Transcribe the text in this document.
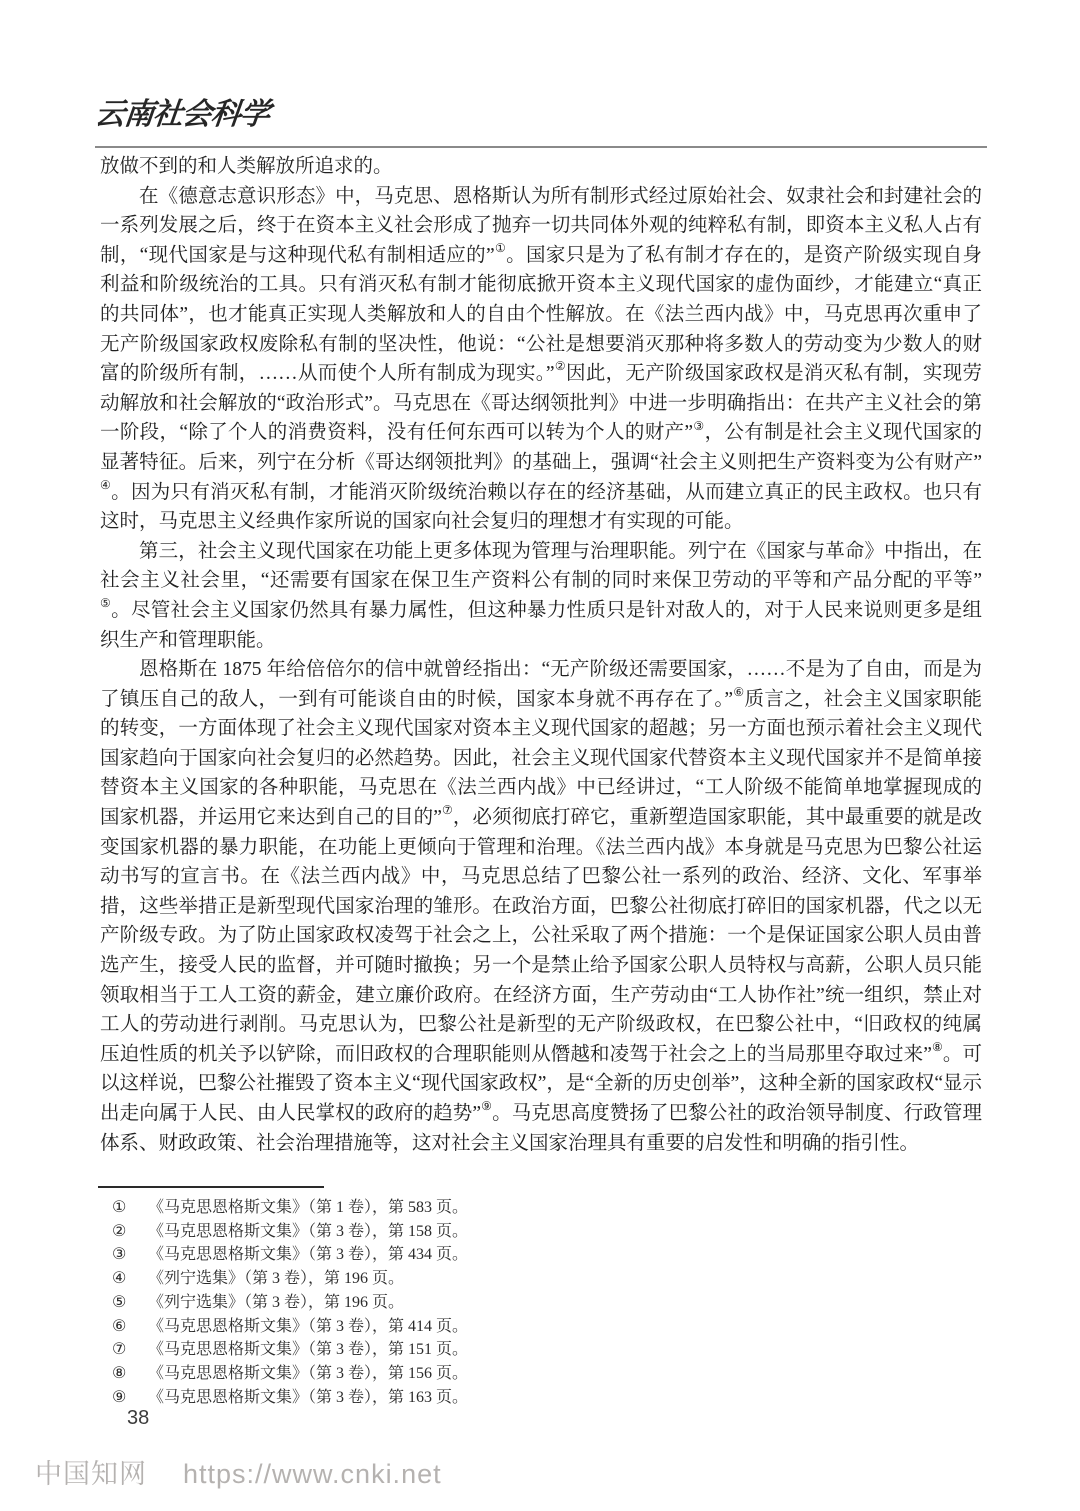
云南社会科学

放做不到的和人类解放所追求的。

在《德意志意识形态》中，马克思、恩格斯认为所有制形式经过原始社会、奴隶社会和封建社会的一系列发展之后，终于在资本主义社会形成了抛弃一切共同体外观的纯粹私有制，即资本主义私人占有制，“现代国家是与这种现代私有制相适应的”①。国家只是为了私有制才存在的，是资产阶级实现自身利益和阶级统治的工具。只有消灭私有制才能彻底掀开资本主义现代国家的虚伪面纱，才能建立“真正的共同体”，也才能真正实现人类解放和人的自由个性解放。在《法兰西内战》中，马克思再次重申了无产阶级国家政权废除私有制的坚决性，他说：“公社是想要消灭那种将多数人的劳动变为少数人的财富的阶级所有制，……从而使个人所有制成为现实。”②因此，无产阶级国家政权是消灭私有制，实现劳动解放和社会解放的“政治形式”。马克思在《哥达纲领批判》中进一步明确指出：在共产主义社会的第一阶段，“除了个人的消费资料，没有任何东西可以转为个人的财产”③，公有制是社会主义现代国家的显著特征。后来，列宁在分析《哥达纲领批判》的基础上，强调“社会主义则把生产资料变为公有财产”④。因为只有消灭私有制，才能消灭阶级统治赖以存在的经济基础，从而建立真正的民主政权。也只有这时，马克思主义经典作家所说的国家向社会复归的理想才有实现的可能。

第三，社会主义现代国家在功能上更多体现为管理与治理职能。列宁在《国家与革命》中指出，在社会主义社会里，“还需要有国家在保卫生产资料公有制的同时来保卫劳动的平等和产品分配的平等”⑤。尽管社会主义国家仍然具有暴力属性，但这种暴力性质只是针对敌人的，对于人民来说则更多是组织生产和管理职能。

恩格斯在 1875 年给倍倍尔的信中就曾经指出：“无产阶级还需要国家，……不是为了自由，而是为了镇压自己的敌人，一到有可能谈自由的时候，国家本身就不再存在了。”⑥质言之，社会主义国家职能的转变，一方面体现了社会主义现代国家对资本主义现代国家的超越；另一方面也预示着社会主义现代国家趋向于国家向社会复归的必然趋势。因此，社会主义现代国家代替资本主义现代国家并不是简单接替资本主义国家的各种职能，马克思在《法兰西内战》中已经讲过，“工人阶级不能简单地掌握现成的国家机器，并运用它来达到自己的目的”⑦，必须彻底打碎它，重新塑造国家职能，其中最重要的就是改变国家机器的暴力职能，在功能上更倾向于管理和治理。《法兰西内战》本身就是马克思为巴黎公社运动书写的宣言书。在《法兰西内战》中，马克思总结了巴黎公社一系列的政治、经济、文化、军事举措，这些举措正是新型现代国家治理的雏形。在政治方面，巴黎公社彻底打碎旧的国家机器，代之以无产阶级专政。为了防止国家政权凌驾于社会之上，公社采取了两个措施：一个是保证国家公职人员由普选产生，接受人民的监督，并可随时撤换；另一个是禁止给予国家公职人员特权与高薪，公职人员只能领取相当于工人工资的薪金，建立廉价政府。在经济方面，生产劳动由“工人协作社”统一组织，禁止对工人的劳动进行剥削。马克思认为，巴黎公社是新型的无产阶级政权，在巴黎公社中，“旧政权的纯属压迫性质的机关予以铲除，而旧政权的合理职能则从僭越和凌驾于社会之上的当局那里夺取过来”⑧。可以这样说，巴黎公社摧毁了资本主义“现代国家政权”，是“全新的历史创举”，这种全新的国家政权“显示出走向属于人民、由人民掌权的政府的趋势”⑨。马克思高度赞扬了巴黎公社的政治领导制度、行政管理体系、财政政策、社会治理措施等，这对社会主义国家治理具有重要的启发性和明确的指引性。

①	《马克思恩格斯文集》（第 1 卷），第 583 页。
②	《马克思恩格斯文集》（第 3 卷），第 158 页。
③	《马克思恩格斯文集》（第 3 卷），第 434 页。
④	《列宁选集》（第 3 卷），第 196 页。
⑤	《列宁选集》（第 3 卷），第 196 页。
⑥	《马克思恩格斯文集》（第 3 卷），第 414 页。
⑦	《马克思恩格斯文集》（第 3 卷），第 151 页。
⑧	《马克思恩格斯文集》（第 3 卷），第 156 页。
⑨	《马克思恩格斯文集》（第 3 卷），第 163 页。
38
中国知网 https://www.cnki.net
